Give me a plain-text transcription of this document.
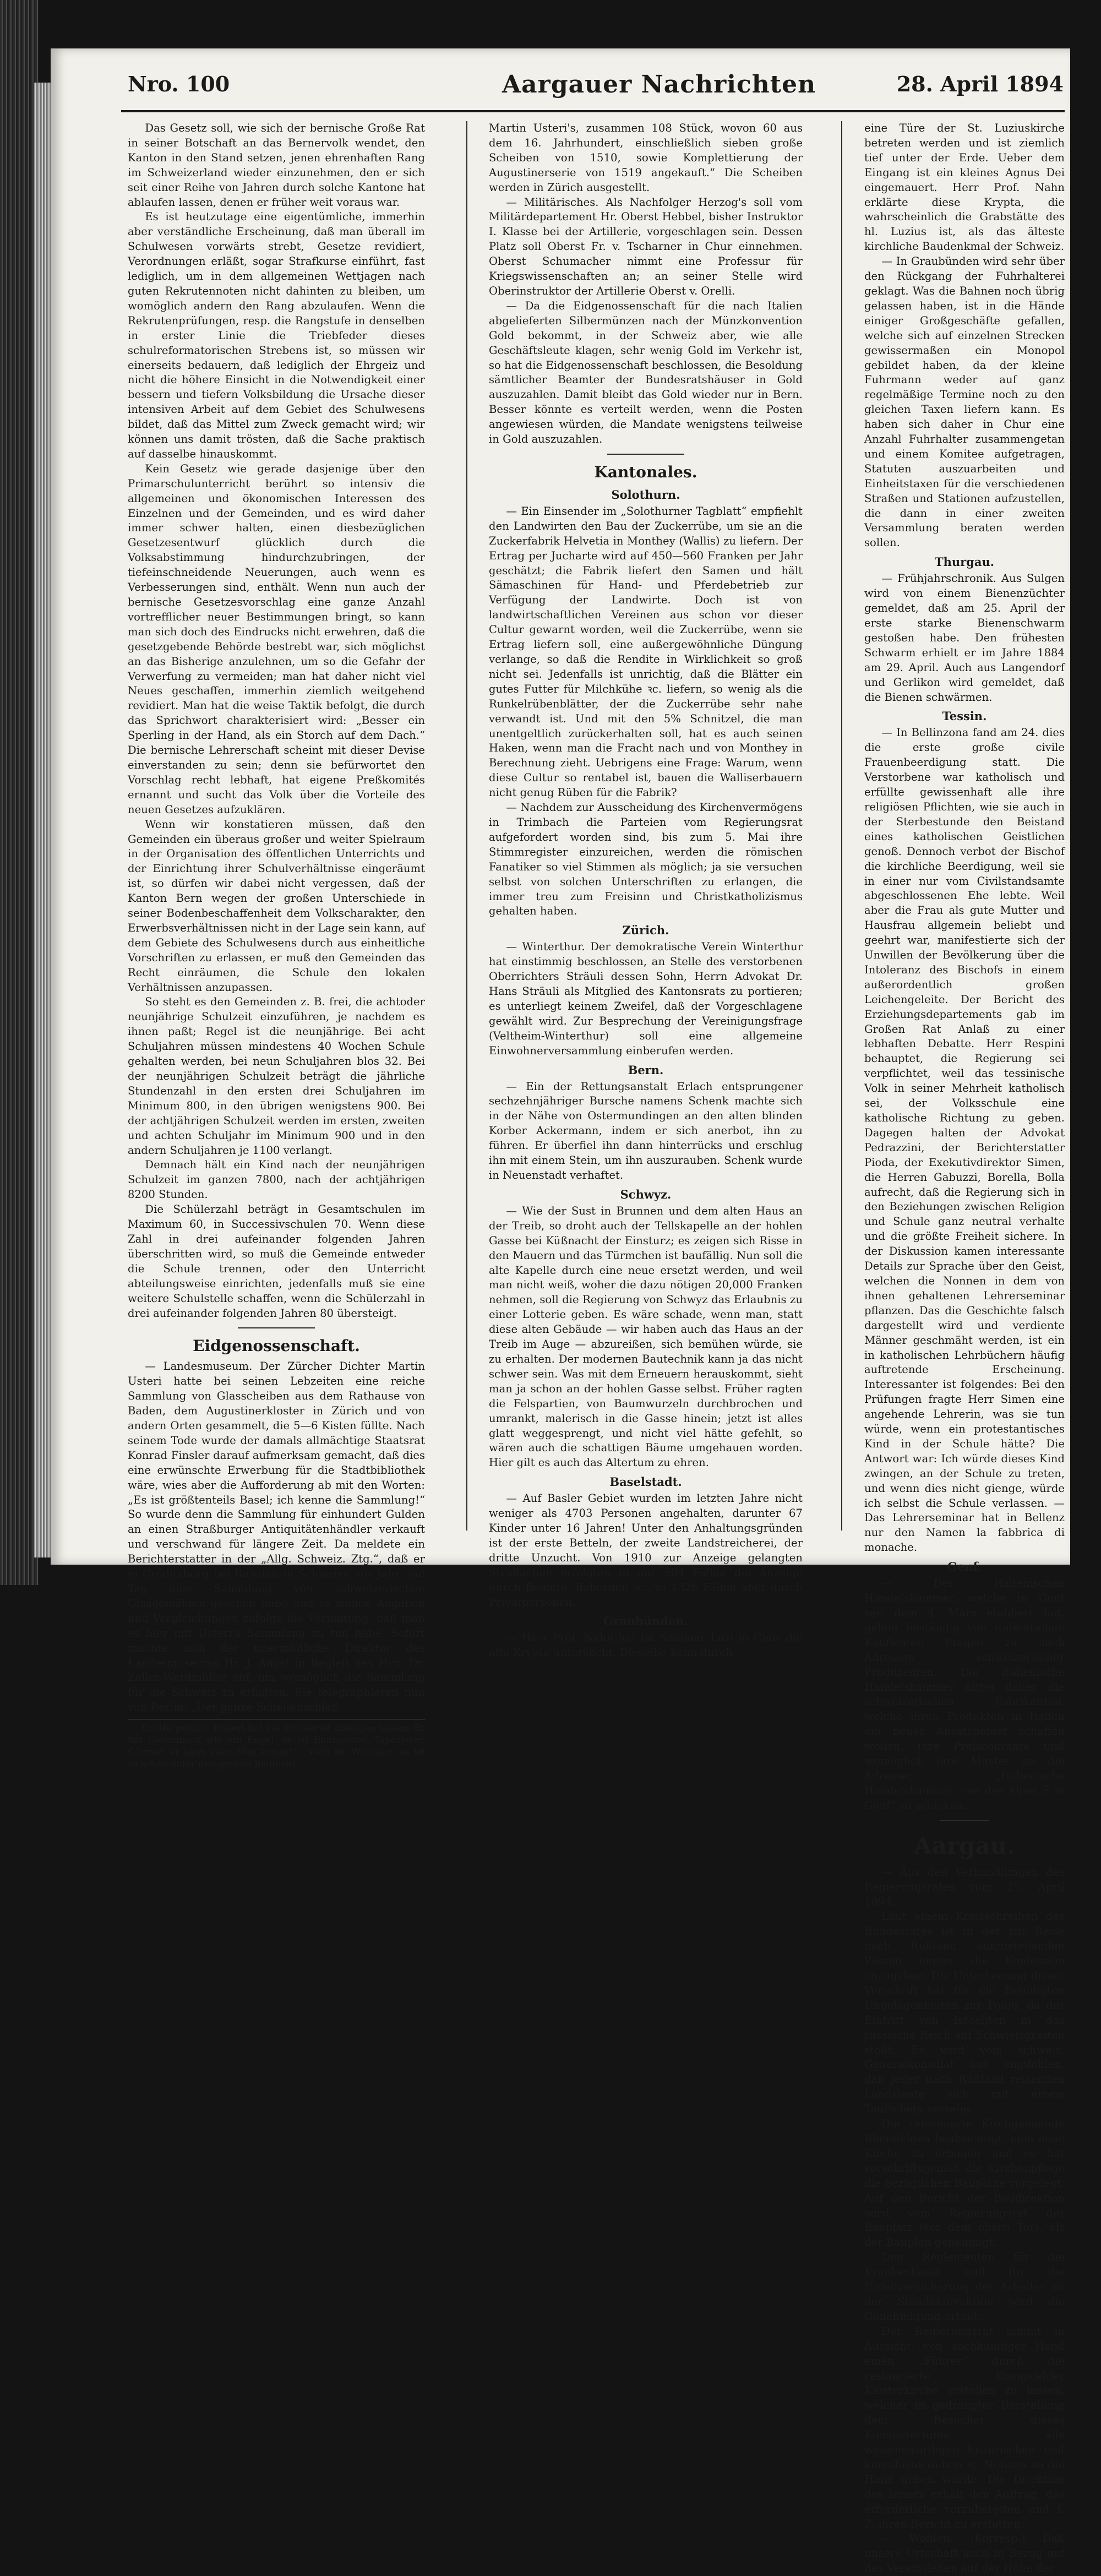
Nro. 100	Aargauer Nachrichten	28. April 1894

Das Gesetz soll, wie sich der bernische Große Rat in seiner Botschaft an das Bernervolk wendet, den Kanton in den Stand setzen, jenen ehrenhaften Rang im Schweizerland wieder einzunehmen, den er sich seit einer Reihe von Jahren durch solche Kantone hat ablaufen lassen, denen er früher weit voraus war.

Es ist heutzutage eine eigentümliche, immerhin aber verständliche Erscheinung, daß man überall im Schulwesen vorwärts strebt, Gesetze revidiert, Verordnungen erläßt, sogar Strafkurse einführt, fast lediglich, um in dem allgemeinen Wettjagen nach guten Rekrutennoten nicht dahinten zu bleiben, um womöglich andern den Rang abzulaufen. Wenn die Rekrutenprüfungen, resp. die Rangstufe in denselben in erster Linie die Triebfeder dieses schulreformatorischen Strebens ist, so müssen wir einerseits bedauern, daß lediglich der Ehrgeiz und nicht die höhere Einsicht in die Notwendigkeit einer bessern und tiefern Volksbildung die Ursache dieser intensiven Arbeit auf dem Gebiet des Schulwesens bildet, daß das Mittel zum Zweck gemacht wird; wir können uns damit trösten, daß die Sache praktisch auf dasselbe hinauskommt.

Kein Gesetz wie gerade dasjenige über den Primarschulunterricht berührt so intensiv die allgemeinen und ökonomischen Interessen des Einzelnen und der Gemeinden, und es wird daher immer schwer halten, einen diesbezüglichen Gesetzesentwurf glücklich durch die Volksabstimmung hindurchzubringen, der tiefeinschneidende Neuerungen, auch wenn es Verbesserungen sind, enthält. Wenn nun auch der bernische Gesetzesvorschlag eine ganze Anzahl vortrefflicher neuer Bestimmungen bringt, so kann man sich doch des Eindrucks nicht erwehren, daß die gesetzgebende Behörde bestrebt war, sich möglichst an das Bisherige anzulehnen, um so die Gefahr der Verwerfung zu vermeiden; man hat daher nicht viel Neues geschaffen, immerhin ziemlich weitgehend revidiert. Man hat die weise Taktik befolgt, die durch das Sprichwort charakterisiert wird: „Besser ein Sperling in der Hand, als ein Storch auf dem Dach.“ Die bernische Lehrerschaft scheint mit dieser Devise einverstanden zu sein; denn sie befürwortet den Vorschlag recht lebhaft, hat eigene Preßkomités ernannt und sucht das Volk über die Vorteile des neuen Gesetzes aufzuklären.

Wenn wir konstatieren müssen, daß den Gemeinden ein überaus großer und weiter Spielraum in der Organisation des öffentlichen Unterrichts und der Einrichtung ihrer Schulverhältnisse eingeräumt ist, so dürfen wir dabei nicht vergessen, daß der Kanton Bern wegen der großen Unterschiede in seiner Bodenbeschaffenheit dem Volkscharakter, den Erwerbsverhältnissen nicht in der Lage sein kann, auf dem Gebiete des Schulwesens durch aus einheitliche Vorschriften zu erlassen, er muß den Gemeinden das Recht einräumen, die Schule den lokalen Verhältnissen anzupassen.

So steht es den Gemeinden z. B. frei, die achtoder neunjährige Schulzeit einzuführen, je nachdem es ihnen paßt; Regel ist die neunjährige. Bei acht Schuljahren müssen mindestens 40 Wochen Schule gehalten werden, bei neun Schuljahren blos 32. Bei der neunjährigen Schulzeit beträgt die jährliche Stundenzahl in den ersten drei Schuljahren im Minimum 800, in den übrigen wenigstens 900. Bei der achtjährigen Schulzeit werden im ersten, zweiten und achten Schuljahr im Minimum 900 und in den andern Schuljahren je 1100 verlangt.

Demnach hält ein Kind nach der neunjährigen Schulzeit im ganzen 7800, nach der achtjährigen 8200 Stunden.

Die Schülerzahl beträgt in Gesamtschulen im Maximum 60, in Successivschulen 70. Wenn diese Zahl in drei aufeinander folgenden Jahren überschritten wird, so muß die Gemeinde entweder die Schule trennen, oder den Unterricht abteilungsweise einrichten, jedenfalls muß sie eine weitere Schulstelle schaffen, wenn die Schülerzahl in drei aufeinander folgenden Jahren 80 übersteigt.

Eidgenossenschaft.

— Landesmuseum. Der Zürcher Dichter Martin Usteri hatte bei seinen Lebzeiten eine reiche Sammlung von Glasscheiben aus dem Rathause von Baden, dem Augustinerkloster in Zürich und von andern Orten gesammelt, die 5—6 Kisten füllte. Nach seinem Tode wurde der damals allmächtige Staatsrat Konrad Finsler darauf aufmerksam gemacht, daß dies eine erwünschte Erwerbung für die Stadtbibliothek wäre, wies aber die Aufforderung ab mit den Worten: „Es ist größtenteils Basel; ich kenne die Sammlung!“ So wurde denn die Sammlung für einhundert Gulden an einen Straßburger Antiquitätenhändler verkauft und verschwand für längere Zeit. Da meldete ein Berichterstatter in der „Allg. Schweiz. Ztg.“, daß er in Gröditzburg bei Bunzlau in Schlesien vor Jahr und Tag eine Sammlung von schweizerischen Glasgemälden gesehen habe und es seinen Angaben und Vergleichungen zufolge die Vermutung, daß man es hier mit Usteri's Sammlung zu tun habe. Sofort machte sich der unermüdliche Direktor des Landesmuseums Hr. J. Angst in Begleit des Hrn. Dr. Zeller-Werdmüller auf, um womöglich die Sammlung für die Schweiz zu erhalten. Sie telegraphieren nun von Berlin: „Der ganze Schellenschlaß

Grotte gebaut. Robert hat sie dreiviertel abtragen lassen. Er hat Geschmack wie ein Engel; er ist Baumeister, Tapezierer, Gärtner, er kann alles. Nun komm!“ „Noch ein Weilchen; es ist so schön unter den großen Bäumen!“

Martin Usteri's, zusammen 108 Stück, wovon 60 aus dem 16. Jahrhundert, einschließlich sieben große Scheiben von 1510, sowie Komplettierung der Augustinerserie von 1519 angekauft.“ Die Scheiben werden in Zürich ausgestellt.

— Militärisches. Als Nachfolger Herzog's soll vom Militärdepartement Hr. Oberst Hebbel, bisher Instruktor I. Klasse bei der Artillerie, vorgeschlagen sein. Dessen Platz soll Oberst Fr. v. Tscharner in Chur einnehmen. Oberst Schumacher nimmt eine Professur für Kriegswissenschaften an; an seiner Stelle wird Oberinstruktor der Artillerie Oberst v. Orelli.

— Da die Eidgenossenschaft für die nach Italien abgelieferten Silbermünzen nach der Münzkonvention Gold bekommt, in der Schweiz aber, wie alle Geschäftsleute klagen, sehr wenig Gold im Verkehr ist, so hat die Eidgenossenschaft beschlossen, die Besoldung sämtlicher Beamter der Bundesratshäuser in Gold auszuzahlen. Damit bleibt das Gold wieder nur in Bern. Besser könnte es verteilt werden, wenn die Posten angewiesen würden, die Mandate wenigstens teilweise in Gold auszuzahlen.

Kantonales.
Solothurn.

— Ein Einsender im „Solothurner Tagblatt“ empfiehlt den Landwirten den Bau der Zuckerrübe, um sie an die Zuckerfabrik Helvetia in Monthey (Wallis) zu liefern. Der Ertrag per Jucharte wird auf 450—560 Franken per Jahr geschätzt; die Fabrik liefert den Samen und hält Sämaschinen für Hand- und Pferdebetrieb zur Verfügung der Landwirte. Doch ist von landwirtschaftlichen Vereinen aus schon vor dieser Cultur gewarnt worden, weil die Zuckerrübe, wenn sie Ertrag liefern soll, eine außergewöhnliche Düngung verlange, so daß die Rendite in Wirklichkeit so groß nicht sei. Jedenfalls ist unrichtig, daß die Blätter ein gutes Futter für Milchkühe ꝛc. liefern, so wenig als die Runkelrübenblätter, der die Zuckerrübe sehr nahe verwandt ist. Und mit den 5% Schnitzel, die man unentgeltlich zurückerhalten soll, hat es auch seinen Haken, wenn man die Fracht nach und von Monthey in Berechnung zieht. Uebrigens eine Frage: Warum, wenn diese Cultur so rentabel ist, bauen die Walliserbauern nicht genug Rüben für die Fabrik?

— Nachdem zur Ausscheidung des Kirchenvermögens in Trimbach die Parteien vom Regierungsrat aufgefordert worden sind, bis zum 5. Mai ihre Stimmregister einzureichen, werden die römischen Fanatiker so viel Stimmen als möglich; ja sie versuchen selbst von solchen Unterschriften zu erlangen, die immer treu zum Freisinn und Christkatholizismus gehalten haben.

Zürich.

— Winterthur. Der demokratische Verein Winterthur hat einstimmig beschlossen, an Stelle des verstorbenen Oberrichters Sträuli dessen Sohn, Herrn Advokat Dr. Hans Sträuli als Mitglied des Kantonsrats zu portieren; es unterliegt keinem Zweifel, daß der Vorgeschlagene gewählt wird. Zur Besprechung der Vereinigungsfrage (Veltheim-Winterthur) soll eine allgemeine Einwohnerversammlung einberufen werden.

Bern.

— Ein der Rettungsanstalt Erlach entsprungener sechzehnjähriger Bursche namens Schenk machte sich in der Nähe von Ostermundingen an den alten blinden Korber Ackermann, indem er sich anerbot, ihn zu führen. Er überfiel ihn dann hinterrücks und erschlug ihn mit einem Stein, um ihn auszurauben. Schenk wurde in Neuenstadt verhaftet.

Schwyz.

— Wie der Sust in Brunnen und dem alten Haus an der Treib, so droht auch der Tellskapelle an der hohlen Gasse bei Küßnacht der Einsturz; es zeigen sich Risse in den Mauern und das Türmchen ist baufällig. Nun soll die alte Kapelle durch eine neue ersetzt werden, und weil man nicht weiß, woher die dazu nötigen 20,000 Franken nehmen, soll die Regierung von Schwyz das Erlaubnis zu einer Lotterie geben. Es wäre schade, wenn man, statt diese alten Gebäude — wir haben auch das Haus an der Treib im Auge — abzureißen, sich bemühen würde, sie zu erhalten. Der modernen Bautechnik kann ja das nicht schwer sein. Was mit dem Erneuern herauskommt, sieht man ja schon an der hohlen Gasse selbst. Früher ragten die Felspartien, von Baumwurzeln durchbrochen und umrankt, malerisch in die Gasse hinein; jetzt ist alles glatt weggesprengt, und nicht viel hätte gefehlt, so wären auch die schattigen Bäume umgehauen worden. Hier gilt es auch das Altertum zu ehren.

Baselstadt.

— Auf Basler Gebiet wurden im letzten Jahre nicht weniger als 4703 Personen angehalten, darunter 67 Kinder unter 16 Jahren! Unter den Anhaltungsgründen ist der erste Betteln, der zweite Landstreicherei, der dritte Unzucht. Von 1910 zur Anzeige gelangten Straffachen erfolgten in nur 584 Fällen die Anzeige durch Beamte, Behörden ꝛc., in 1326 Fällen aber durch Privatpersonen.

Graubünden.

— Herr Prof. Nahn hat im Seminar Luzi in Chur die alte Krypta untersucht. Dieselbe kann durch

eine Türe der St. Luziuskirche betreten werden und ist ziemlich tief unter der Erde. Ueber dem Eingang ist ein kleines Agnus Dei eingemauert. Herr Prof. Nahn erklärte diese Krypta, die wahrscheinlich die Grabstätte des hl. Luzius ist, als das älteste kirchliche Baudenkmal der Schweiz.

— In Graubünden wird sehr über den Rückgang der Fuhrhalterei geklagt. Was die Bahnen noch übrig gelassen haben, ist in die Hände einiger Großgeschäfte gefallen, welche sich auf einzelnen Strecken gewissermaßen ein Monopol gebildet haben, da der kleine Fuhrmann weder auf ganz regelmäßige Termine noch zu den gleichen Taxen liefern kann. Es haben sich daher in Chur eine Anzahl Fuhrhalter zusammengetan und einem Komitee aufgetragen, Statuten auszuarbeiten und Einheitstaxen für die verschiedenen Straßen und Stationen aufzustellen, die dann in einer zweiten Versammlung beraten werden sollen.

Thurgau.

— Frühjahrschronik. Aus Sulgen wird von einem Bienenzüchter gemeldet, daß am 25. April der erste starke Bienenschwarm gestoßen habe. Den frühesten Schwarm erhielt er im Jahre 1884 am 29. April. Auch aus Langendorf und Gerlikon wird gemeldet, daß die Bienen schwärmen.

Tessin.

— In Bellinzona fand am 24. dies die erste große civile Frauenbeerdigung statt. Die Verstorbene war katholisch und erfüllte gewissenhaft alle ihre religiösen Pflichten, wie sie auch in der Sterbestunde den Beistand eines katholischen Geistlichen genoß. Dennoch verbot der Bischof die kirchliche Beerdigung, weil sie in einer nur vom Civilstandsamte abgeschlossenen Ehe lebte. Weil aber die Frau als gute Mutter und Hausfrau allgemein beliebt und geehrt war, manifestierte sich der Unwillen der Bevölkerung über die Intoleranz des Bischofs in einem außerordentlich großen Leichengeleite. Der Bericht des Erziehungsdepartements gab im Großen Rat Anlaß zu einer lebhaften Debatte. Herr Respini behauptet, die Regierung sei verpflichtet, weil das tessinische Volk in seiner Mehrheit katholisch sei, der Volksschule eine katholische Richtung zu geben. Dagegen halten der Advokat Pedrazzini, der Berichterstatter Pioda, der Exekutivdirektor Simen, die Herren Gabuzzi, Borella, Bolla aufrecht, daß die Regierung sich in den Beziehungen zwischen Religion und Schule ganz neutral verhalte und die größte Freiheit sichere. In der Diskussion kamen interessante Details zur Sprache über den Geist, welchen die Nonnen in dem von ihnen gehaltenen Lehrerseminar pflanzen. Das die Geschichte falsch dargestellt wird und verdiente Männer geschmäht werden, ist ein in katholischen Lehrbüchern häufig auftretende Erscheinung. Interessanter ist folgendes: Bei den Prüfungen fragte Herr Simen eine angehende Lehrerin, was sie tun würde, wenn ein protestantisches Kind in der Schule hätte? Die Antwort war: Ich würde dieses Kind zwingen, an der Schule zu treten, und wenn dies nicht gienge, würde ich selbst die Schule verlassen. — Das Lehrerseminar hat in Bellenz nur den Namen la fabbrica di monache.

Genf.

— Der italienischen Handelskammer, welche in Genf seit dem 4. März etabliert hat, gehen beständig von italienischen Kaufleuten Fragen zu nach Adressen schweizerischer Produzenten. Die italienische Handelskammer bittet daher die schweizerischen Fabrikanten, welche ihren Produkten in Italien ein neues Absatzgebiet schaffen wollen, ihre Preiscourante und womöglich ihre Muster an die Adresse: „Italienische Handelskammer, rue des Alpes 5 in Genf“ zu schicken.

Aargau.

— Aus den Verhandlungen des Regierungsrates vom 27. April 1894.

Laut einem Kreisschreiben des Bundesrates ist in der zur Reise nach Rußland auszustellenden Pässen immer die Konfession anzugeben. Die Unterlassung dieser Vorschrift hat für die Beteiligten Ungelegenheiten zur Folge, da der Eintritt von Israeliten in das russische Reich auf Schwierigkeiten stößt. Es wird vom schweiz. Generalkonsulat aus empfohlen, daß jeder nach Rußland reisenden Landsleute sich mit einem Taufschein versehe.

Die reformierte Kirchgemeinde Rheinfelden beabsichtigt, eine neue Kirche zu erbauen und es hat vorschriftsgemäß die Kirchenpflege die bezüglichen Baupläne vorgelegt. Auf den Bericht der Baudirektion wird vom Regierungsrat der Bauplatz (vor dem obern Tor), als der Bauplan genehmigt.

Den Reglementen für die Krankenkasse und für die Unfallversicherung der Arbeiter an der Sisselnkorrektion wird die Genehmigung erteilt.

Der Regierungsrat nimmt in Aussicht, von sachkundiger Hand einen „Führer“ durch die restaurierte Königsfelder Klosterkirche erstellen zu lassen, welcher in gedrängter Darstellung dem Besucher dieses Kunstaltertums alle wissenswürdigen historischen und kunsthistorischen ꝛc. Notizen an die Hand geben würde. Die Direktion des Innern erhält den Auftrag, das erforderliche vorzubereiten und ſ. Z. ihren Bericht zu erstatten.

— Wohlen. (Korresp.) Daß unsere Ortschaft auch in Bezug auf das Vereinsleben auf der Höhe der
